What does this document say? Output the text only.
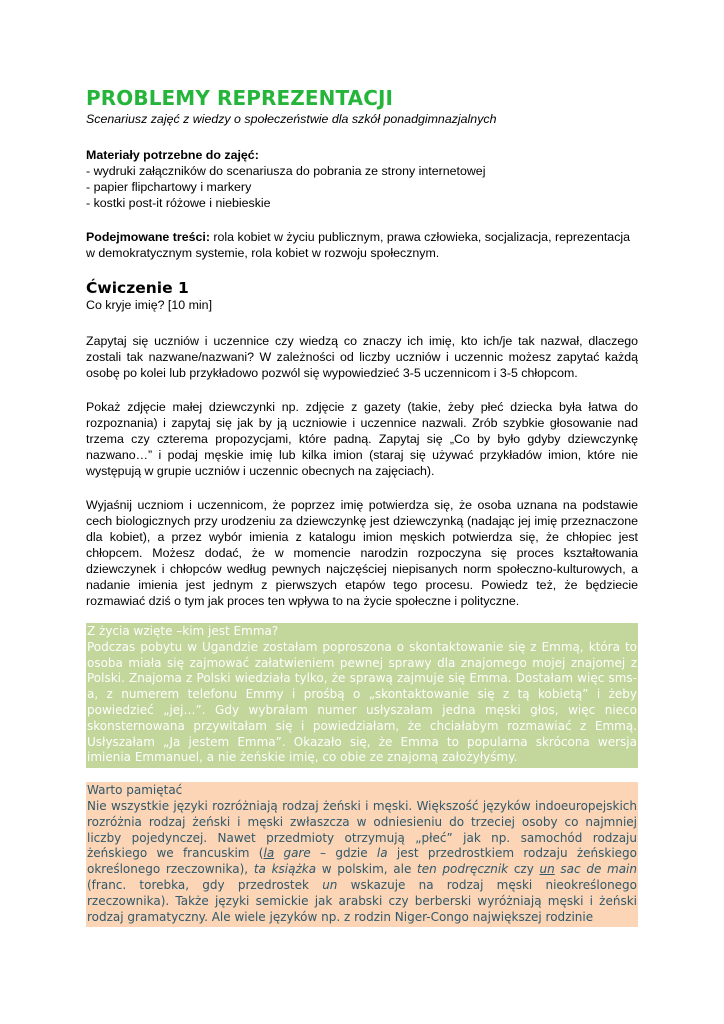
PROBLEMY REPREZENTACJI

Scenariusz zajęć z wiedzy o społeczeństwie dla szkół ponadgimnazjalnych

Materiały potrzebne do zajęć:
- wydruki załączników do scenariusza do pobrania ze strony internetowej
- papier flipchartowy i markery
- kostki post-it różowe i niebieskie
Podejmowane treści: rola kobiet w życiu publicznym, prawa człowieka, socjalizacja, reprezentacja w demokratycznym systemie, rola kobiet w rozwoju społecznym.
Ćwiczenie 1
Co kryje imię? [10 min]

Zapytaj się uczniów i uczennice czy wiedzą co znaczy ich imię, kto ich/je tak nazwał, dlaczego zostali tak nazwane/nazwani? W zależności od liczby uczniów i uczennic możesz zapytać każdą osobę po kolei lub przykładowo pozwól się wypowiedzieć 3-5 uczennicom i 3-5 chłopcom.

Pokaż zdjęcie małej dziewczynki np. zdjęcie z gazety (takie, żeby płeć dziecka była łatwa do rozpoznania) i zapytaj się jak by ją uczniowie i uczennice nazwali. Zrób szybkie głosowanie nad trzema czy czterema propozycjami, które padną. Zapytaj się „Co by było gdyby dziewczynkę nazwano…” i podaj męskie imię lub kilka imion (staraj się używać przykładów imion, które nie występują w grupie uczniów i uczennic obecnych na zajęciach).

Wyjaśnij uczniom i uczennicom, że poprzez imię potwierdza się, że osoba uznana na podstawie cech biologicznych przy urodzeniu za dziewczynkę jest dziewczynką (nadając jej imię przeznaczone dla kobiet), a przez wybór imienia z katalogu imion męskich potwierdza się, że chłopiec jest chłopcem. Możesz dodać, że w momencie narodzin rozpoczyna się proces kształtowania dziewczynek i chłopców według pewnych najczęściej niepisanych norm społeczno-kulturowych, a nadanie imienia jest jednym z pierwszych etapów tego procesu. Powiedz też, że będziecie rozmawiać dziś o tym jak proces ten wpływa to na życie społeczne i polityczne.

Z życia wzięte –kim jest Emma?
Podczas pobytu w Ugandzie zostałam poproszona o skontaktowanie się z Emmą, która to osoba miała się zajmować załatwieniem pewnej sprawy dla znajomego mojej znajomej z Polski. Znajoma z Polski wiedziała tylko, że sprawą zajmuje się Emma. Dostałam więc sms-a, z numerem telefonu Emmy i prośbą o „skontaktowanie się z tą kobietą” i żeby powiedzieć „jej…”. Gdy wybrałam numer usłyszałam jedna męski głos, więc nieco skonsternowana przywitałam się i powiedziałam, że chciałabym rozmawiać z Emmą. Usłyszałam „Ja jestem Emma”. Okazało się, że Emma to popularna skrócona wersja imienia Emmanuel, a nie żeńskie imię, co obie ze znajomą założyłyśmy.
Warto pamiętać
Nie wszystkie języki rozróżniają rodzaj żeński i męski. Większość języków indoeuropejskich rozróżnia rodzaj żeński i męski zwłaszcza w odniesieniu do trzeciej osoby co najmniej liczby pojedynczej. Nawet przedmioty otrzymują „płeć” jak np. samochód rodzaju żeńskiego we francuskim (la gare – gdzie la jest przedrostkiem rodzaju żeńskiego określonego rzeczownika), ta książka w polskim, ale ten podręcznik czy un sac de main (franc. torebka, gdy przedrostek un wskazuje na rodzaj męski nieokreślonego rzeczownika). Także języki semickie jak arabski czy berberski wyróżniają męski i żeński rodzaj gramatyczny. Ale wiele języków np. z rodzin Niger-Congo największej rodzinie
